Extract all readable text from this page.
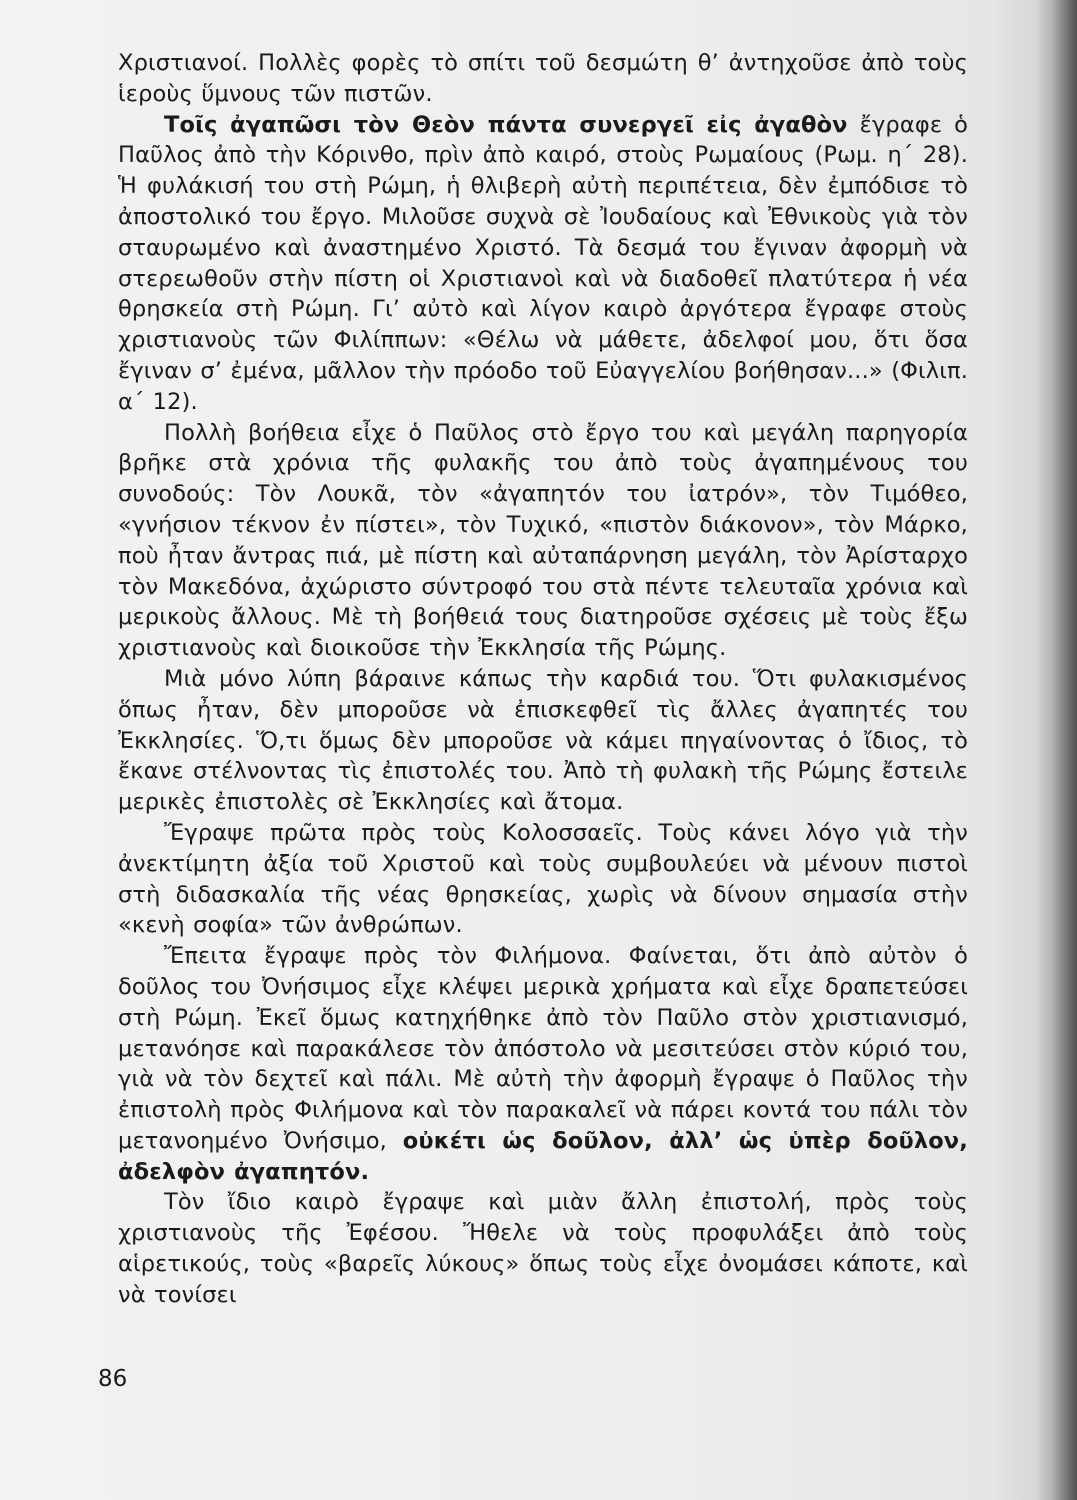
Χριστιανοί. Πολλὲς φορὲς τὸ σπίτι τοῦ δεσμώτη θ’ ἀντηχοῦσε ἀπὸ τοὺς ἱεροὺς ὕμνους τῶν πιστῶν.

Τοῖς ἀγαπῶσι τὸν Θεὸν πάντα συνεργεῖ εἰς ἀγαθὸν ἔγραφε ὁ Παῦλος ἀπὸ τὴν Κόρινθο, πρὶν ἀπὸ καιρό, στοὺς Ρωμαίους (Ρωμ. η΄ 28). Ἡ φυλάκισή του στὴ Ρώμη, ἡ θλιβερὴ αὐτὴ περιπέτεια, δὲν ἐμπόδισε τὸ ἀποστολικό του ἔργο. Μιλοῦσε συχνὰ σὲ Ἰουδαίους καὶ Ἐθνικοὺς γιὰ τὸν σταυρωμένο καὶ ἀναστημένο Χριστό. Τὰ δεσμά του ἔγιναν ἀφορμὴ νὰ στερεωθοῦν στὴν πίστη οἱ Χριστιανοὶ καὶ νὰ διαδοθεῖ πλατύτερα ἡ νέα θρησκεία στὴ Ρώμη. Γι’ αὐτὸ καὶ λίγον καιρὸ ἀργότερα ἔγραφε στοὺς χριστιανοὺς τῶν Φιλίππων: «Θέλω νὰ μάθετε, ἀδελφοί μου, ὅτι ὅσα ἔγιναν σ’ ἐμένα, μᾶλλον τὴν πρόοδο τοῦ Εὐαγγελίου βοήθησαν...» (Φιλιπ. α΄ 12).

Πολλὴ βοήθεια εἶχε ὁ Παῦλος στὸ ἔργο του καὶ μεγάλη παρηγορία βρῆκε στὰ χρόνια τῆς φυλακῆς του ἀπὸ τοὺς ἀγαπημένους του συνοδούς: Τὸν Λουκᾶ, τὸν «ἀγαπητόν του ἰατρόν», τὸν Τιμόθεο, «γνήσιον τέκνον ἐν πίστει», τὸν Τυχικό, «πιστὸν διάκονον», τὸν Μάρκο, ποὺ ἦταν ἄντρας πιά, μὲ πίστη καὶ αὐταπάρνηση μεγάλη, τὸν Ἀρίσταρχο τὸν Μακεδόνα, ἀχώριστο σύντροφό του στὰ πέντε τελευταῖα χρόνια καὶ μερικοὺς ἄλλους. Μὲ τὴ βοήθειά τους διατηροῦσε σχέσεις μὲ τοὺς ἔξω χριστιανοὺς καὶ διοικοῦσε τὴν Ἐκκλησία τῆς Ρώμης.

Μιὰ μόνο λύπη βάραινε κάπως τὴν καρδιά του. Ὅτι φυλακισμένος ὅπως ἦταν, δὲν μποροῦσε νὰ ἐπισκεφθεῖ τὶς ἄλλες ἀγαπητές του Ἐκκλησίες. Ὅ,τι ὅμως δὲν μποροῦσε νὰ κάμει πηγαίνοντας ὁ ἴδιος, τὸ ἔκανε στέλνοντας τὶς ἐπιστολές του. Ἀπὸ τὴ φυλακὴ τῆς Ρώμης ἔστειλε μερικὲς ἐπιστολὲς σὲ Ἐκκλησίες καὶ ἄτομα.

Ἔγραψε πρῶτα πρὸς τοὺς Κολοσσαεῖς. Τοὺς κάνει λόγο γιὰ τὴν ἀνεκτίμητη ἀξία τοῦ Χριστοῦ καὶ τοὺς συμβουλεύει νὰ μένουν πιστοὶ στὴ διδασκαλία τῆς νέας θρησκείας, χωρὶς νὰ δίνουν σημασία στὴν «κενὴ σοφία» τῶν ἀνθρώπων.

Ἔπειτα ἔγραψε πρὸς τὸν Φιλήμονα. Φαίνεται, ὅτι ἀπὸ αὐτὸν ὁ δοῦλος του Ὀνήσιμος εἶχε κλέψει μερικὰ χρήματα καὶ εἶχε δραπετεύσει στὴ Ρώμη. Ἐκεῖ ὅμως κατηχήθηκε ἀπὸ τὸν Παῦλο στὸν χριστιανισμό, μετανόησε καὶ παρακάλεσε τὸν ἀπόστολο νὰ μεσιτεύσει στὸν κύριό του, γιὰ νὰ τὸν δεχτεῖ καὶ πάλι. Μὲ αὐτὴ τὴν ἀφορμὴ ἔγραψε ὁ Παῦλος τὴν ἐπιστολὴ πρὸς Φιλήμονα καὶ τὸν παρακαλεῖ νὰ πάρει κοντά του πάλι τὸν μετανοημένο Ὀνήσιμο, οὐκέτι ὡς δοῦλον, ἀλλ’ ὡς ὑπὲρ δοῦλον, ἀδελφὸν ἀγαπητόν.

Τὸν ἴδιο καιρὸ ἔγραψε καὶ μιὰν ἄλλη ἐπιστολή, πρὸς τοὺς χριστιανοὺς τῆς Ἐφέσου. Ἤθελε νὰ τοὺς προφυλάξει ἀπὸ τοὺς αἱρετικούς, τοὺς «βαρεῖς λύκους» ὅπως τοὺς εἶχε ὀνομάσει κάποτε, καὶ νὰ τονίσει

86
